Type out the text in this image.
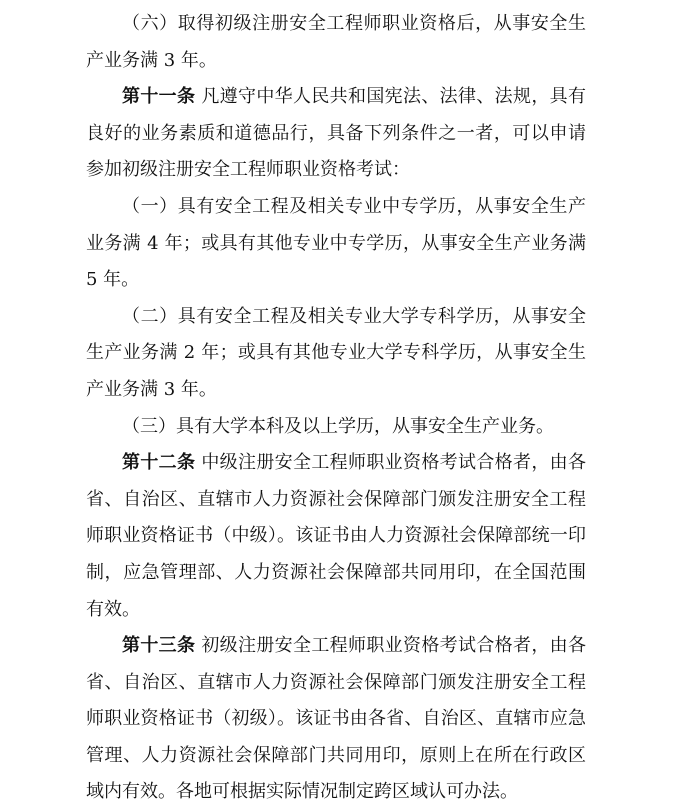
（六）取得初级注册安全工程师职业资格后，从事安全生产业务满 3 年。

第十一条 凡遵守中华人民共和国宪法、法律、法规，具有良好的业务素质和道德品行，具备下列条件之一者，可以申请参加初级注册安全工程师职业资格考试：

（一）具有安全工程及相关专业中专学历，从事安全生产业务满 4 年；或具有其他专业中专学历，从事安全生产业务满 5 年。

（二）具有安全工程及相关专业大学专科学历，从事安全生产业务满 2 年；或具有其他专业大学专科学历，从事安全生产业务满 3 年。

（三）具有大学本科及以上学历，从事安全生产业务。

第十二条 中级注册安全工程师职业资格考试合格者，由各省、自治区、直辖市人力资源社会保障部门颁发注册安全工程师职业资格证书（中级）。该证书由人力资源社会保障部统一印制，应急管理部、人力资源社会保障部共同用印，在全国范围有效。

第十三条 初级注册安全工程师职业资格考试合格者，由各省、自治区、直辖市人力资源社会保障部门颁发注册安全工程师职业资格证书（初级）。该证书由各省、自治区、直辖市应急管理、人力资源社会保障部门共同用印，原则上在所在行政区域内有效。各地可根据实际情况制定跨区域认可办法。
